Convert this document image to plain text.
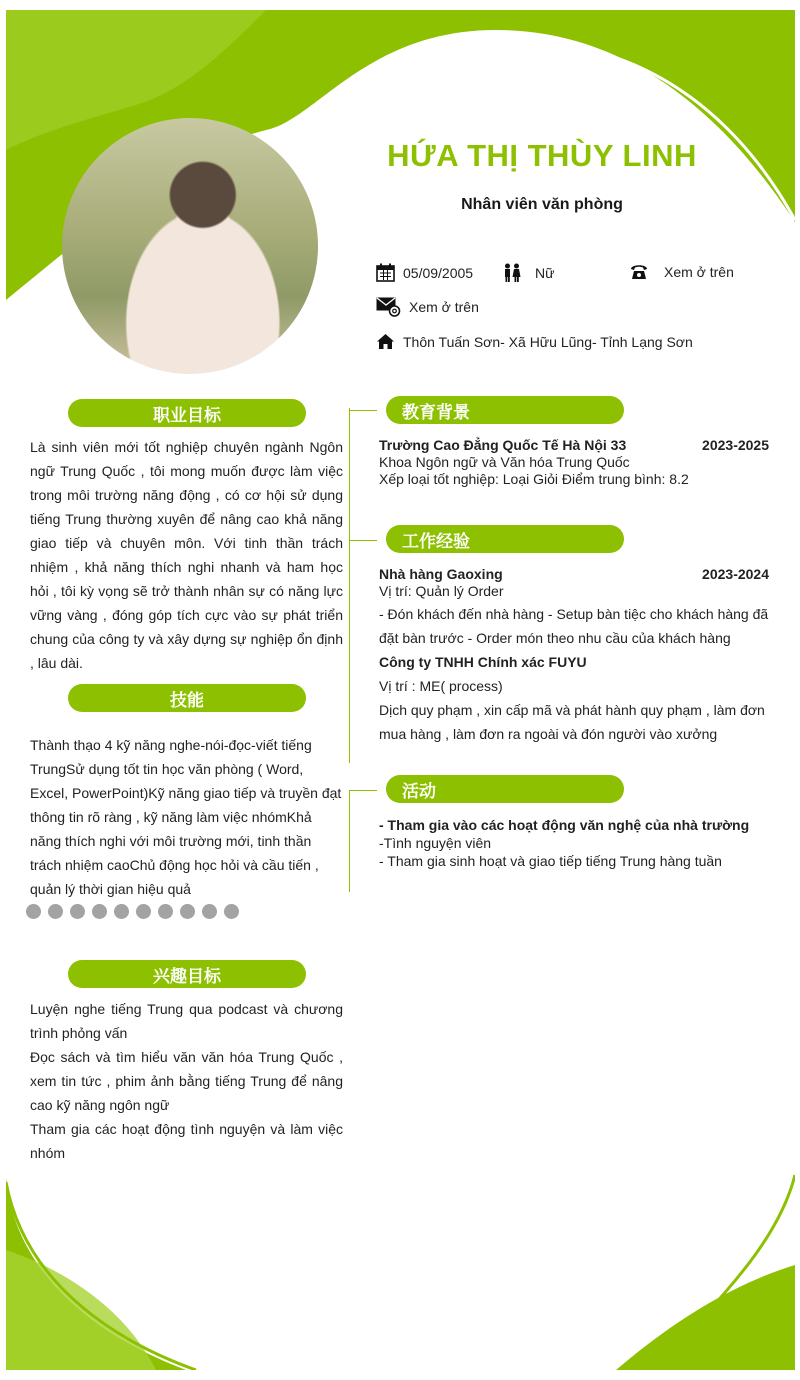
HỨA THỊ THÙY LINH
Nhân viên văn phòng
05/09/2005	Nữ	Xem ở trên
Xem ở trên
Thôn Tuấn Sơn- Xã Hữu Lũng- Tỉnh Lạng Sơn
职业目标
Là sinh viên mới tốt nghiệp chuyên ngành Ngôn ngữ Trung Quốc , tôi mong muốn được làm việc trong môi trường năng động , có cơ hội sử dụng tiếng Trung thường xuyên để nâng cao khả năng giao tiếp và chuyên môn. Với tinh thần trách nhiệm , khả năng thích nghi nhanh và ham học hỏi , tôi kỳ vọng sẽ trở thành nhân sự có năng lực vững vàng , đóng góp tích cực vào sự phát triển chung của công ty và xây dựng sự nghiệp ổn định , lâu dài.
技能
Thành thạo 4 kỹ năng nghe-nói-đọc-viết tiếng TrungSử dụng tốt tin học văn phòng ( Word, Excel, PowerPoint)Kỹ năng giao tiếp và truyền đạt thông tin rõ ràng , kỹ năng làm việc nhómKhả năng thích nghi với môi trường mới, tinh thần trách nhiệm caoChủ động học hỏi và cầu tiến , quản lý thời gian hiệu quả
兴趣目标
Luyện nghe tiếng Trung qua podcast và chương trình phỏng vấn
Đọc sách và tìm hiểu văn văn hóa Trung Quốc , xem tin tức , phim ảnh bằng tiếng Trung để nâng cao kỹ năng ngôn ngữ
Tham gia các hoạt động tình nguyện và làm việc nhóm
教育背景
Trường Cao Đẳng Quốc Tế Hà Nội 33	2023-2025
Khoa Ngôn ngữ và Văn hóa Trung Quốc
Xếp loại tốt nghiệp: Loại Giỏi Điểm trung bình: 8.2
工作经验
Nhà hàng Gaoxing	2023-2024
Vị trí: Quản lý Order
- Đón khách đến nhà hàng - Setup bàn tiệc cho khách hàng đã đặt bàn trước - Order món theo nhu cầu của khách hàng
Công ty TNHH Chính xác FUYU
Vị trí : ME( process)
Dịch quy phạm , xin cấp mã và phát hành quy phạm , làm đơn mua hàng , làm đơn ra ngoài và đón người vào xưởng
活动
- Tham gia vào các hoạt động văn nghệ của nhà trường
-Tình nguyện viên
- Tham gia sinh hoạt và giao tiếp tiếng Trung hàng tuần
